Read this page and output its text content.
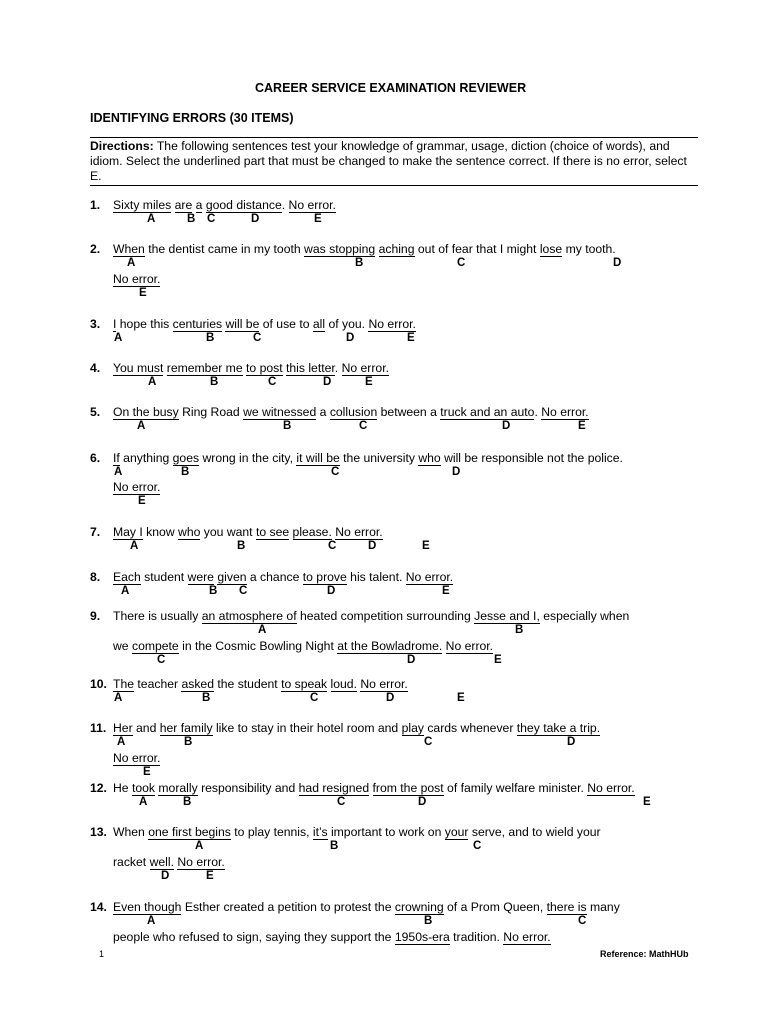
CAREER SERVICE EXAMINATION REVIEWER
IDENTIFYING ERRORS (30 ITEMS)
Directions: The following sentences test your knowledge of grammar, usage, diction (choice of words), and idiom. Select the underlined part that must be changed to make the sentence correct. If there is no error, select E.
1. Sixty miles are a good distance. No error.
A	B C	D	E
2. When the dentist came in my tooth was stopping aching out of fear that I might lose my tooth.
A	B	C	D
No error.
E
3. I hope this centuries will be of use to all of you. No error.
A	B	C	D	E
4. You must remember me to post this letter. No error.
A	B	C	D	E
5. On the busy Ring Road we witnessed a collusion between a truck and an auto. No error.
A	B	C	D	E
6. If anything goes wrong in the city, it will be the university who will be responsible not the police.
A	B	C	D
No error.
E
7. May I know who you want to see please. No error.
A	B	C	D	E
8. Each student were given a chance to prove his talent. No error.
A	B C	D	E
9. There is usually an atmosphere of heated competition surrounding Jesse and I, especially when
A	B
we compete in the Cosmic Bowling Night at the Bowladrome. No error.
C	D	E
10. The teacher asked the student to speak loud. No error.
A	B	C	D	E
11. Her and her family like to stay in their hotel room and play cards whenever they take a trip.
A	B	C	D
No error.
E
12. He took morally responsibility and had resigned from the post of family welfare minister. No error.
A	B	C	D	E
13. When one first begins to play tennis, it’s important to work on your serve, and to wield your
A	B	C
racket well. No error.
D	E
14. Even though Esther created a petition to protest the crowning of a Prom Queen, there is many
A	B	C
people who refused to sign, saying they support the 1950s-era tradition. No error.
1	Reference: MathHUb
